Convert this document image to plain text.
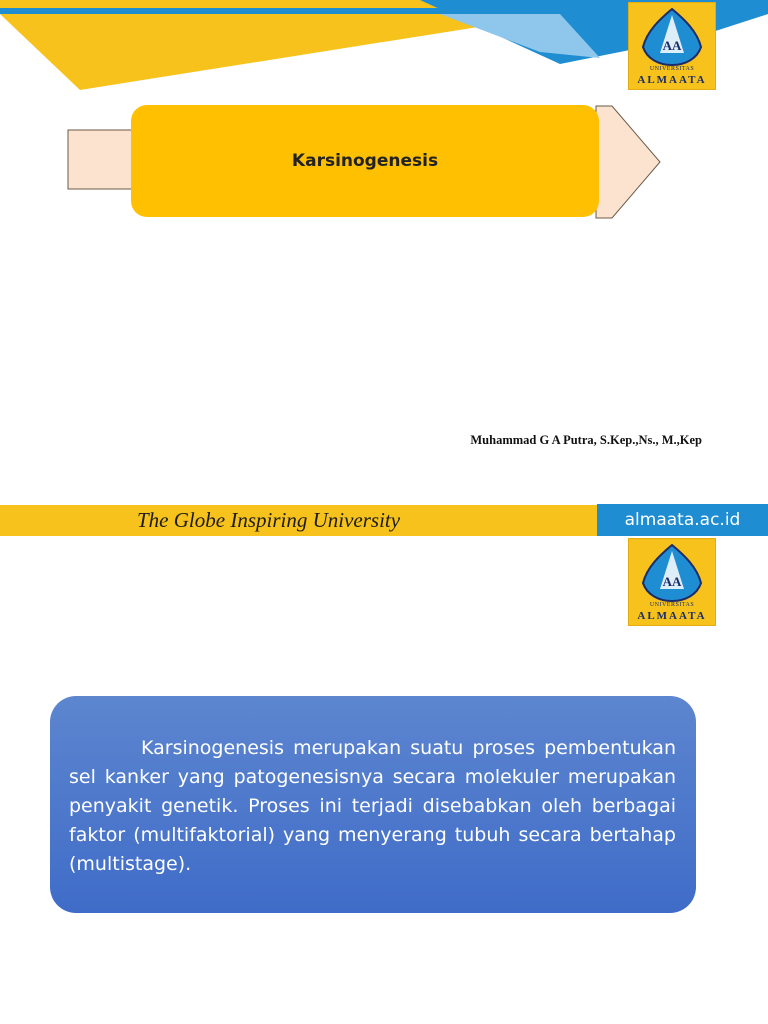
AA
UNIVERSITAS
ALMAATA
Karsinogenesis
Muhammad G A Putra, S.Kep.,Ns., M.,Kep
The Globe Inspiring University	almaata.ac.id
AA
UNIVERSITAS
ALMAATA

Karsinogenesis merupakan suatu proses pembentukan sel kanker yang patogenesisnya secara molekuler merupakan penyakit genetik. Proses ini terjadi disebabkan oleh berbagai faktor (multifaktorial) yang menyerang tubuh secara bertahap (multistage).
